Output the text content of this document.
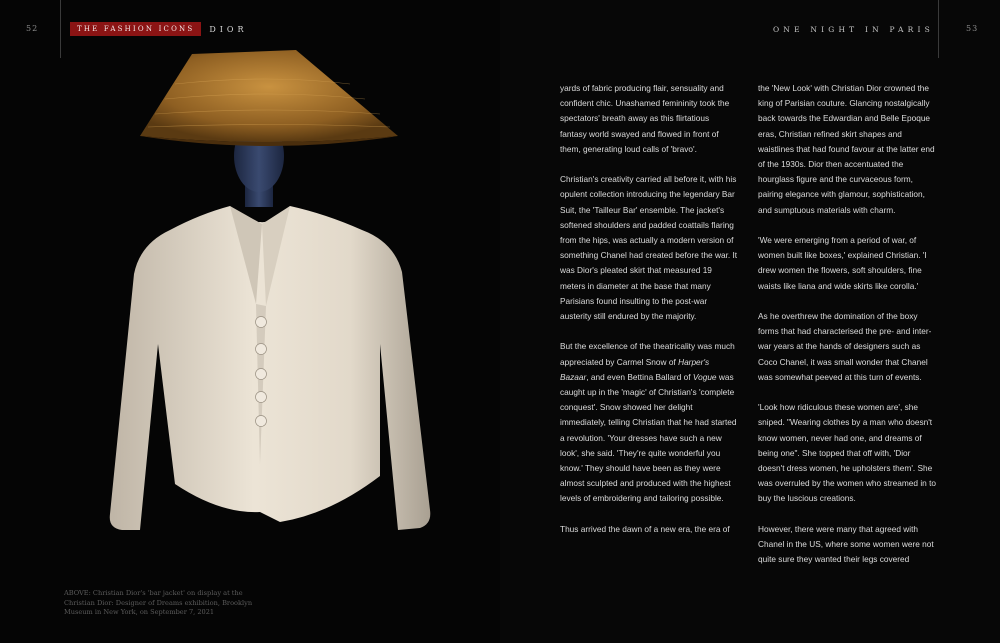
52	THE FASHION ICONS	DIOR
ABOVE: Christian Dior's 'bar jacket' on display at the Christian Dior: Designer of Dreams exhibition, Brooklyn Museum in New York, on September 7, 2021
ONE NIGHT IN PARIS	53

yards of fabric producing flair, sensuality and confident chic. Unashamed femininity took the spectators' breath away as this flirtatious fantasy world swayed and flowed in front of them, generating loud calls of 'bravo'.

Christian's creativity carried all before it, with his opulent collection introducing the legendary Bar Suit, the 'Tailleur Bar' ensemble. The jacket's softened shoulders and padded coattails flaring from the hips, was actually a modern version of something Chanel had created before the war. It was Dior's pleated skirt that measured 19 meters in diameter at the base that many Parisians found insulting to the post-war austerity still endured by the majority.

But the excellence of the theatricality was much appreciated by Carmel Snow of Harper's Bazaar, and even Bettina Ballard of Vogue was caught up in the 'magic' of Christian's 'complete conquest'. Snow showed her delight immediately, telling Christian that he had started a revolution. 'Your dresses have such a new look', she said. 'They're quite wonderful you know.' They should have been as they were almost sculpted and produced with the highest levels of embroidering and tailoring possible.

Thus arrived the dawn of a new era, the era of

the 'New Look' with Christian Dior crowned the king of Parisian couture. Glancing nostalgically back towards the Edwardian and Belle Epoque eras, Christian refined skirt shapes and waistlines that had found favour at the latter end of the 1930s. Dior then accentuated the hourglass figure and the curvaceous form, pairing elegance with glamour, sophistication, and sumptuous materials with charm.

'We were emerging from a period of war, of women built like boxes,' explained Christian. 'I drew women the flowers, soft shoulders, fine waists like liana and wide skirts like corolla.'

As he overthrew the domination of the boxy forms that had characterised the pre- and inter-war years at the hands of designers such as Coco Chanel, it was small wonder that Chanel was somewhat peeved at this turn of events.

'Look how ridiculous these women are', she sniped. "Wearing clothes by a man who doesn't know women, never had one, and dreams of being one". She topped that off with, 'Dior doesn't dress women, he upholsters them'. She was overruled by the women who streamed in to buy the luscious creations.

However, there were many that agreed with Chanel in the US, where some women were not quite sure they wanted their legs covered
